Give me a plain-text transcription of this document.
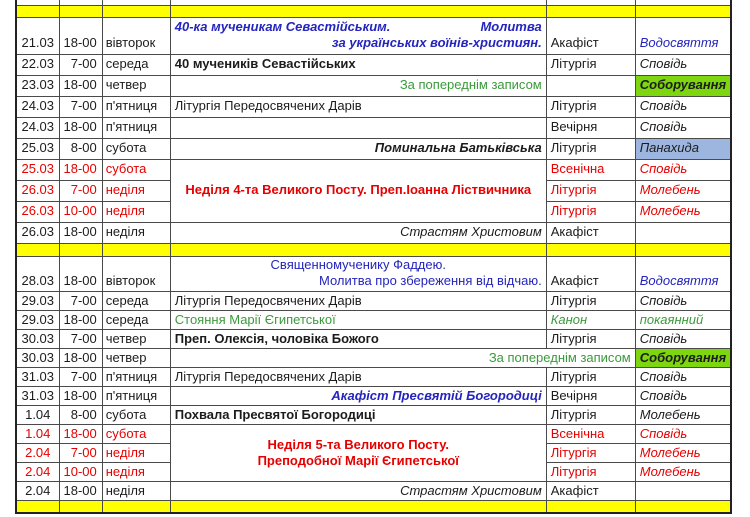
21.03	18-00	вівторок	40-ка мученикам Севастійським. Молитва
за українських воїнів-християн.	Акафіст	Водосвяття
22.03	7-00	середа	40 мучеників Севастійських	Літургія	Сповідь
23.03	18-00	четвер	За попереднім записом		Соборування
24.03	7-00	п'ятниця	Літургія Передосвячених Дарів	Літургія	Сповідь
24.03	18-00	п'ятниця		Вечірня	Сповідь
25.03	8-00	субота	Поминальна Батьківська	Літургія	Панахида
25.03	18-00	субота	Неділя 4-та Великого Посту. Преп.Іоанна Ліствичника	Всенічна	Сповідь
26.03	7-00	неділя		Літургія	Молебень
26.03	10-00	неділя		Літургія	Молебень
26.03	18-00	неділя	Страстям Христовим	Акафіст	

28.03	18-00	вівторок	Священномученику Фаддею.
Молитва про збереження від відчаю.	Акафіст	Водосвяття
29.03	7-00	середа	Літургія Передосвячених Дарів	Літургія	Сповідь
29.03	18-00	середа	Стояння Марії Єгипетської	Канон	покаянний
30.03	7-00	четвер	Преп. Олексія, чоловіка Божого	Літургія	Сповідь
30.03	18-00	четвер	За попереднім записом		Соборування
31.03	7-00	п'ятниця	Літургія Передосвячених Дарів	Літургія	Сповідь
31.03	18-00	п'ятниця	Акафіст Пресвятій Богородиці	Вечірня	Сповідь
1.04	8-00	субота	Похвала Пресвятої Богородиці	Літургія	Молебень
1.04	18-00	субота	Неділя 5-та Великого Посту.
Преподобної Марії Єгипетської	Всенічна	Сповідь
2.04	7-00	неділя		Літургія	Молебень
2.04	10-00	неділя		Літургія	Молебень
2.04	18-00	неділя	Страстям Христовим	Акафіст	
